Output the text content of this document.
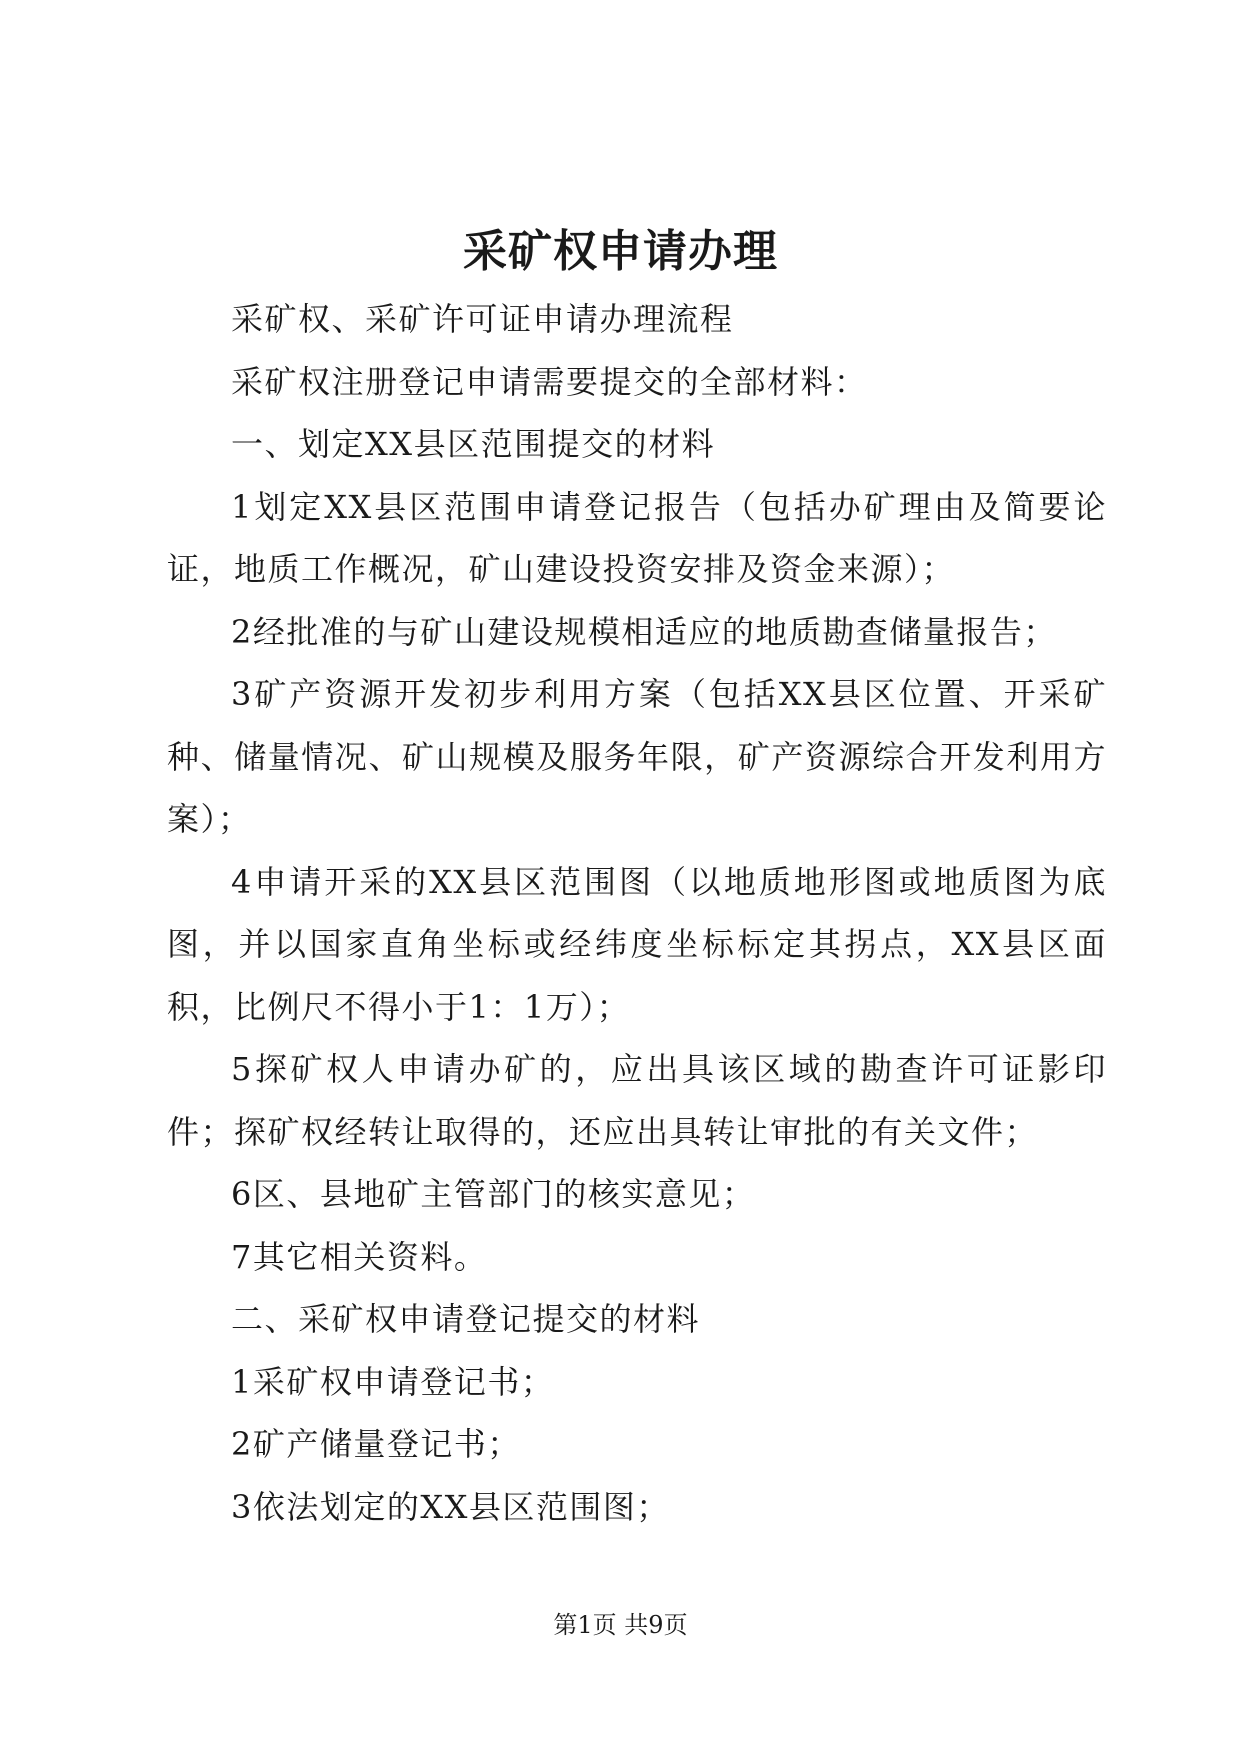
采矿权申请办理

采矿权、采矿许可证申请办理流程

采矿权注册登记申请需要提交的全部材料：

一、划定XX县区范围提交的材料

1划定XX县区范围申请登记报告（包括办矿理由及简要论证，地质工作概况，矿山建设投资安排及资金来源）；

2经批准的与矿山建设规模相适应的地质勘查储量报告；

3矿产资源开发初步利用方案（包括XX县区位置、开采矿种、储量情况、矿山规模及服务年限，矿产资源综合开发利用方案）；

4申请开采的XX县区范围图（以地质地形图或地质图为底图，并以国家直角坐标或经纬度坐标标定其拐点，XX县区面积，比例尺不得小于1：1万）；

5探矿权人申请办矿的，应出具该区域的勘查许可证影印件；探矿权经转让取得的，还应出具转让审批的有关文件；

6区、县地矿主管部门的核实意见；

7其它相关资料。

二、采矿权申请登记提交的材料

1采矿权申请登记书；

2矿产储量登记书；

3依法划定的XX县区范围图；

第1页 共9页
